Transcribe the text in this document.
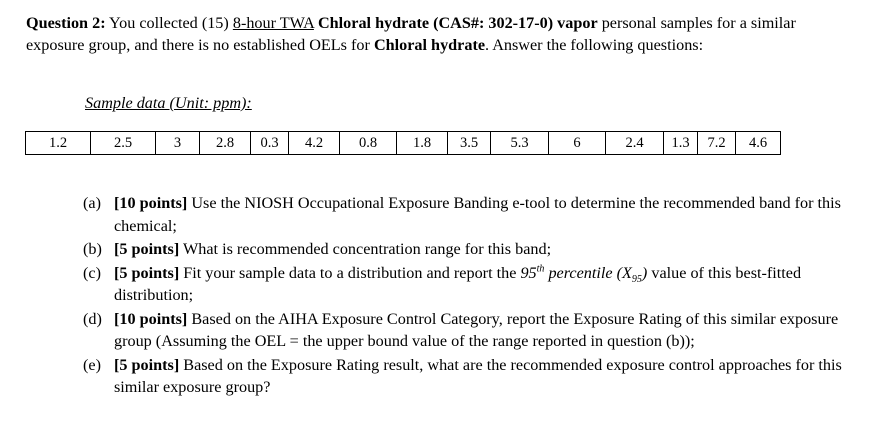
Question 2: You collected (15) 8-hour TWA Chloral hydrate (CAS#: 302-17-0) vapor personal samples for a similar exposure group, and there is no established OELs for Chloral hydrate. Answer the following questions:
Sample data (Unit: ppm):
1.2	2.5	3	2.8	0.3	4.2	0.8	1.8	3.5	5.3	6	2.4	1.3	7.2	4.6
(a) [10 points] Use the NIOSH Occupational Exposure Banding e-tool to determine the recommended band for this chemical;
(b) [5 points] What is recommended concentration range for this band;
(c) [5 points] Fit your sample data to a distribution and report the 95th percentile $(X_{95})$ value of this best-fitted distribution;
(d) [10 points] Based on the AIHA Exposure Control Category, report the Exposure Rating of this similar exposure group (Assuming the OEL = the upper bound value of the range reported in question (b));
(e) [5 points] Based on the Exposure Rating result, what are the recommended exposure control approaches for this similar exposure group?
